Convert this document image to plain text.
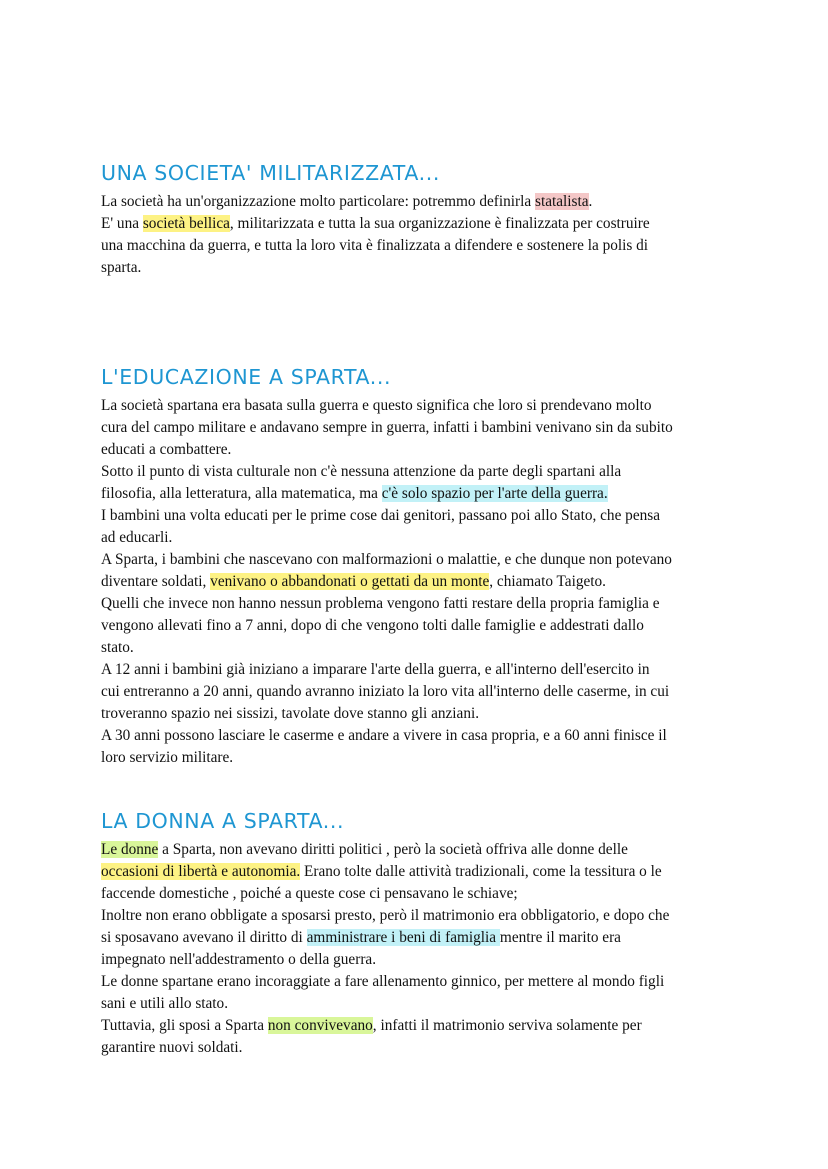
UNA SOCIETA' MILITARIZZATA...
La società ha un'organizzazione molto particolare: potremmo definirla statalista.
E' una società bellica, militarizzata e tutta la sua organizzazione è finalizzata per costruire
una macchina da guerra, e tutta la loro vita è finalizzata a difendere e sostenere la polis di
sparta.
L'EDUCAZIONE A SPARTA...
La società spartana era basata sulla guerra e questo significa che loro si prendevano molto
cura del campo militare e andavano sempre in guerra, infatti i bambini venivano sin da subito
educati a combattere.
Sotto il punto di vista culturale non c'è nessuna attenzione da parte degli spartani alla
filosofia, alla letteratura, alla matematica, ma c'è solo spazio per l'arte della guerra.
I bambini una volta educati per le prime cose dai genitori, passano poi allo Stato, che pensa
ad educarli.
A Sparta, i bambini che nascevano con malformazioni o malattie, e che dunque non potevano
diventare soldati, venivano o abbandonati o gettati da un monte, chiamato Taigeto.
Quelli che invece non hanno nessun problema vengono fatti restare della propria famiglia e
vengono allevati fino a 7 anni, dopo di che vengono tolti dalle famiglie e addestrati dallo
stato.
A 12 anni i bambini già iniziano a imparare l'arte della guerra, e all'interno dell'esercito in
cui entreranno a 20 anni, quando avranno iniziato la loro vita all'interno delle caserme, in cui
troveranno spazio nei sissizi, tavolate dove stanno gli anziani.
A 30 anni possono lasciare le caserme e andare a vivere in casa propria, e a 60 anni finisce il
loro servizio militare.
LA DONNA A SPARTA...
Le donne a Sparta, non avevano diritti politici , però la società offriva alle donne delle
occasioni di libertà e autonomia. Erano tolte dalle attività tradizionali, come la tessitura o le
faccende domestiche , poiché a queste cose ci pensavano le schiave;
Inoltre non erano obbligate a sposarsi presto, però il matrimonio era obbligatorio, e dopo che
si sposavano avevano il diritto di amministrare i beni di famiglia mentre il marito era
impegnato nell'addestramento o della guerra.
Le donne spartane erano incoraggiate a fare allenamento ginnico, per mettere al mondo figli
sani e utili allo stato.
Tuttavia, gli sposi a Sparta non convivevano, infatti il matrimonio serviva solamente per
garantire nuovi soldati.
